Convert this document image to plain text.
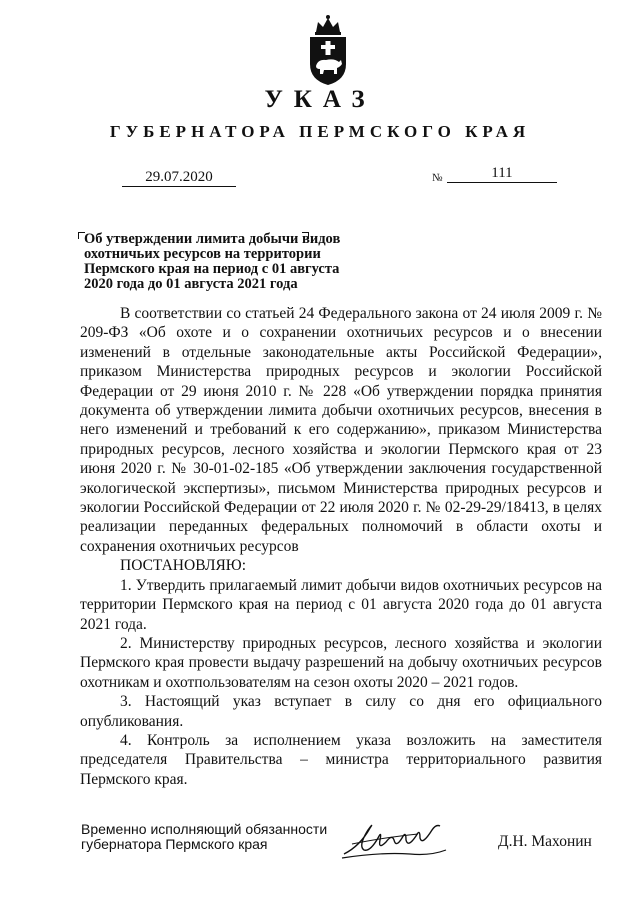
УКАЗ
ГУБЕРНАТОРА ПЕРМСКОГО КРАЯ
29.07.2020	№	111
Об утверждении лимита добычи видов
охотничьих ресурсов на территории
Пермского края на период с 01 августа
2020 года до 01 августа 2021 года

В соответствии со статьей 24 Федерального закона от 24 июля 2009 г. № 209-ФЗ «Об охоте и о сохранении охотничьих ресурсов и о внесении изменений в отдельные законодательные акты Российской Федерации», приказом Министерства природных ресурсов и экологии Российской Федерации от 29 июня 2010 г. № 228 «Об утверждении порядка принятия документа об утверждении лимита добычи охотничьих ресурсов, внесения в него изменений и требований к его содержанию», приказом Министерства природных ресурсов, лесного хозяйства и экологии Пермского края от 23 июня 2020 г. № 30-01-02-185 «Об утверждении заключения государственной экологической экспертизы», письмом Министерства природных ресурсов и экологии Российской Федерации от 22 июля 2020 г. № 02-29-29/18413, в целях реализации переданных федеральных полномочий в области охоты и сохранения охотничьих ресурсов

ПОСТАНОВЛЯЮ:

1. Утвердить прилагаемый лимит добычи видов охотничьих ресурсов на территории Пермского края на период с 01 августа 2020 года до 01 августа 2021 года.

2. Министерству природных ресурсов, лесного хозяйства и экологии Пермского края провести выдачу разрешений на добычу охотничьих ресурсов охотникам и охотпользователям на сезон охоты 2020 – 2021 годов.

3. Настоящий указ вступает в силу со дня его официального опубликования.

4. Контроль за исполнением указа возложить на заместителя председателя Правительства – министра территориального развития Пермского края.

Временно исполняющий обязанности
губернатора Пермского края	Д.Н. Махонин
